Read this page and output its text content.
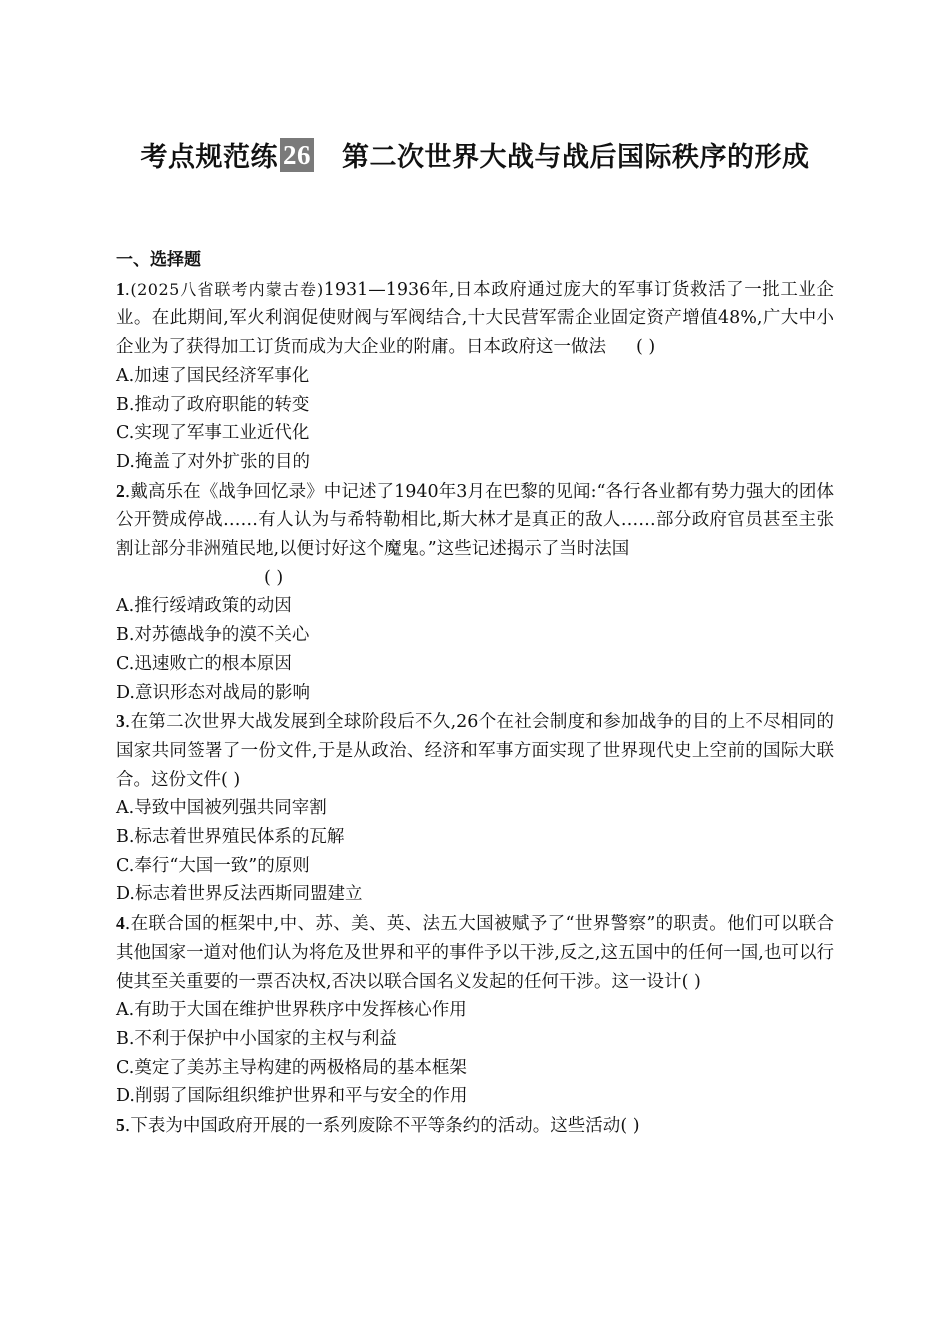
考点规范练 26 第二次世界大战与战后国际秩序的形成
一、选择题
1.(2025八省联考内蒙古卷)1931—1936年,日本政府通过庞大的军事订货救活了一批工业企业。在此期间,军火利润促使财阀与军阀结合,十大民营军需企业固定资产增值48%,广大中小企业为了获得加工订货而成为大企业的附庸。日本政府这一做法 ( )
A.加速了国民经济军事化
B.推动了政府职能的转变
C.实现了军事工业近代化
D.掩盖了对外扩张的目的
2.戴高乐在《战争回忆录》中记述了1940年3月在巴黎的见闻:“各行各业都有势力强大的团体公开赞成停战……有人认为与希特勒相比,斯大林才是真正的敌人……部分政府官员甚至主张割让部分非洲殖民地,以便讨好这个魔鬼。”这些记述揭示了当时法国
( )
A.推行绥靖政策的动因
B.对苏德战争的漠不关心
C.迅速败亡的根本原因
D.意识形态对战局的影响
3.在第二次世界大战发展到全球阶段后不久,26个在社会制度和参加战争的目的上不尽相同的国家共同签署了一份文件,于是从政治、经济和军事方面实现了世界现代史上空前的国际大联合。这份文件( )
A.导致中国被列强共同宰割
B.标志着世界殖民体系的瓦解
C.奉行“大国一致”的原则
D.标志着世界反法西斯同盟建立
4.在联合国的框架中,中、苏、美、英、法五大国被赋予了“世界警察”的职责。他们可以联合其他国家一道对他们认为将危及世界和平的事件予以干涉,反之,这五国中的任何一国,也可以行使其至关重要的一票否决权,否决以联合国名义发起的任何干涉。这一设计( )
A.有助于大国在维护世界秩序中发挥核心作用
B.不利于保护中小国家的主权与利益
C.奠定了美苏主导构建的两极格局的基本框架
D.削弱了国际组织维护世界和平与安全的作用
5.下表为中国政府开展的一系列废除不平等条约的活动。这些活动( )
